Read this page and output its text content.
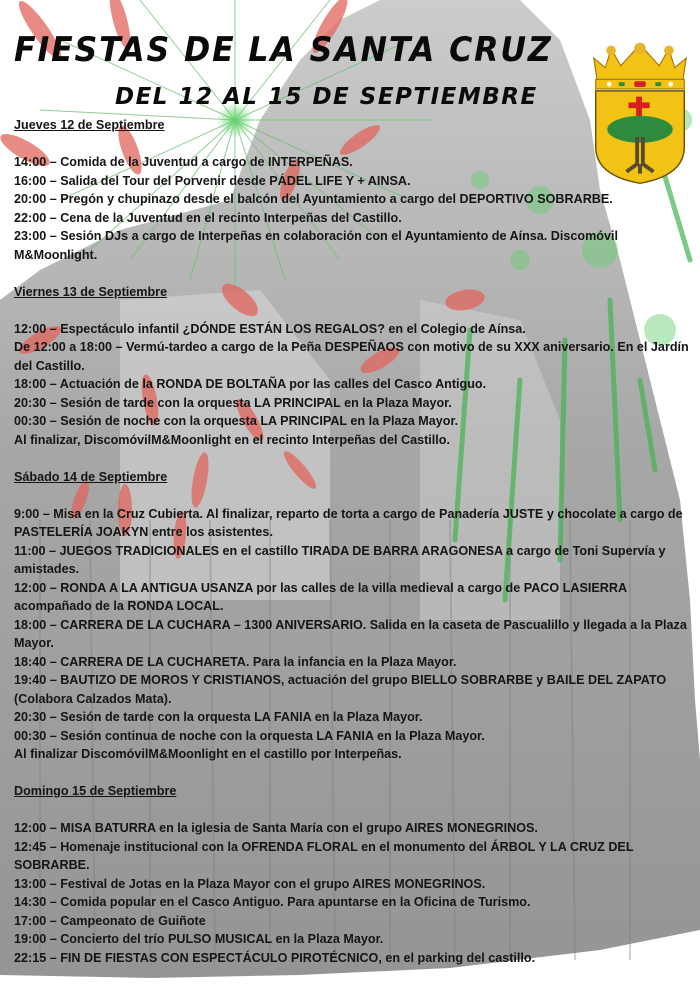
FIESTAS DE LA SANTA CRUZ
DEL 12 AL 15 DE SEPTIEMBRE
Jueves 12 de Septiembre
14:00 – Comida de la Juventud a cargo de INTERPEÑAS.
16:00 – Salida del Tour del Porvenir desde PÁDEL LIFE Y + AINSA.
20:00 – Pregón y chupinazo desde el balcón del Ayuntamiento a cargo del DEPORTIVO SOBRARBE.
22:00 – Cena de la Juventud en el recinto Interpeñas del Castillo.
23:00 – Sesión DJs a cargo de Interpeñas en colaboración con el Ayuntamiento de Aínsa. Discomóvil M&Moonlight.
Viernes 13 de Septiembre
12:00 – Espectáculo infantil ¿DÓNDE ESTÁN LOS REGALOS? en el Colegio de Aínsa.
De 12:00 a 18:00 – Vermú-tardeo a cargo de la Peña DESPEÑAOS con motivo de su XXX aniversario. En el Jardín del Castillo.
18:00 – Actuación de la RONDA DE BOLTAÑA por las calles del Casco Antiguo.
20:30 – Sesión de tarde con la orquesta LA PRINCIPAL en la Plaza Mayor.
00:30 – Sesión de noche con la orquesta LA PRINCIPAL en la Plaza Mayor.
Al finalizar, DiscomóvilM&Moonlight en el recinto Interpeñas del Castillo.
Sábado 14 de Septiembre
9:00 – Misa en la Cruz Cubierta. Al finalizar, reparto de torta a cargo de Panadería JUSTE y chocolate a cargo de PASTELERÍA JOAKYN entre los asistentes.
11:00 – JUEGOS TRADICIONALES en el castillo TIRADA DE BARRA ARAGONESA a cargo de Toni Supervía y amistades.
12:00 – RONDA A LA ANTIGUA USANZA por las calles de la villa medieval a cargo de PACO LASIERRA acompañado de la RONDA LOCAL.
18:00 – CARRERA DE LA CUCHARA – 1300 ANIVERSARIO. Salida en la caseta de Pascualillo y llegada a la Plaza Mayor.
18:40 – CARRERA DE LA CUCHARETA. Para la infancia en la Plaza Mayor.
19:40 – BAUTIZO DE MOROS Y CRISTIANOS, actuación del grupo BIELLO SOBRARBE y BAILE DEL ZAPATO (Colabora Calzados Mata).
20:30 – Sesión de tarde con la orquesta LA FANIA en la Plaza Mayor.
00:30 – Sesión continua de noche con la orquesta LA FANIA en la Plaza Mayor.
Al finalizar DiscomóvilM&Moonlight en el castillo por Interpeñas.
Domingo 15 de Septiembre
12:00 – MISA BATURRA en la iglesia de Santa María con el grupo AIRES MONEGRINOS.
12:45 – Homenaje institucional con la OFRENDA FLORAL en el monumento del ÁRBOL Y LA CRUZ DEL SOBRARBE.
13:00 – Festival de Jotas en la Plaza Mayor con el grupo AIRES MONEGRINOS.
14:30 – Comida popular en el Casco Antiguo. Para apuntarse en la Oficina de Turismo.
17:00 – Campeonato de Guiñote
19:00 – Concierto del trío PULSO MUSICAL en la Plaza Mayor.
22:15 – FIN DE FIESTAS CON ESPECTÁCULO PIROTÉCNICO, en el parking del castillo.
